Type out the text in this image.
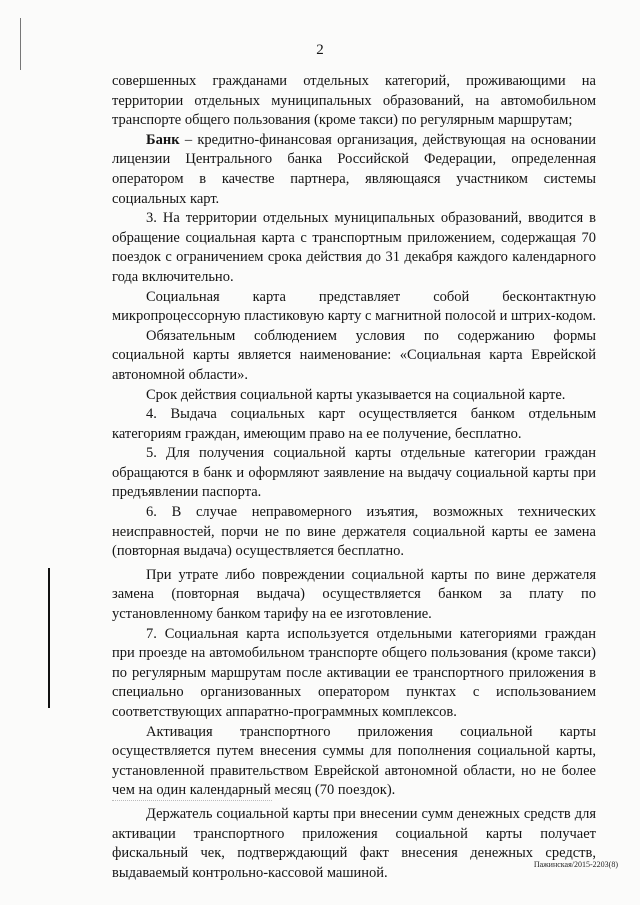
2

совершенных гражданами отдельных категорий, проживающими на территории отдельных муниципальных образований, на автомобильном транспорте общего пользования (кроме такси) по регулярным маршрутам;

Банк – кредитно-финансовая организация, действующая на основании лицензии Центрального банка Российской Федерации, определенная оператором в качестве партнера, являющаяся участником системы социальных карт.

3. На территории отдельных муниципальных образований, вводится в обращение социальная карта с транспортным приложением, содержащая 70 поездок с ограничением срока действия до 31 декабря каждого календарного года включительно.

Социальная карта представляет собой бесконтактную микропроцессорную пластиковую карту с магнитной полосой и штрих-кодом.

Обязательным соблюдением условия по содержанию формы социальной карты является наименование: «Социальная карта Еврейской автономной области».

Срок действия социальной карты указывается на социальной карте.

4. Выдача социальных карт осуществляется банком отдельным категориям граждан, имеющим право на ее получение, бесплатно.

5. Для получения социальной карты отдельные категории граждан обращаются в банк и оформляют заявление на выдачу социальной карты при предъявлении паспорта.

6. В случае неправомерного изъятия, возможных технических неисправностей, порчи не по вине держателя социальной карты ее замена (повторная выдача) осуществляется бесплатно.

При утрате либо повреждении социальной карты по вине держателя замена (повторная выдача) осуществляется банком за плату по установленному банком тарифу на ее изготовление.

7. Социальная карта используется отдельными категориями граждан при проезде на автомобильном транспорте общего пользования (кроме такси) по регулярным маршрутам после активации ее транспортного приложения в специально организованных оператором пунктах с использованием соответствующих аппаратно-программных комплексов.

Активация транспортного приложения социальной карты осуществляется путем внесения суммы для пополнения социальной карты, установленной правительством Еврейской автономной области, но не более чем на один календарный месяц (70 поездок).

Держатель социальной карты при внесении сумм денежных средств для активации транспортного приложения социальной карты получает фискальный чек, подтверждающий факт внесения денежных средств, выдаваемый контрольно-кассовой машиной.

Пажинская/2015-2203(8)
